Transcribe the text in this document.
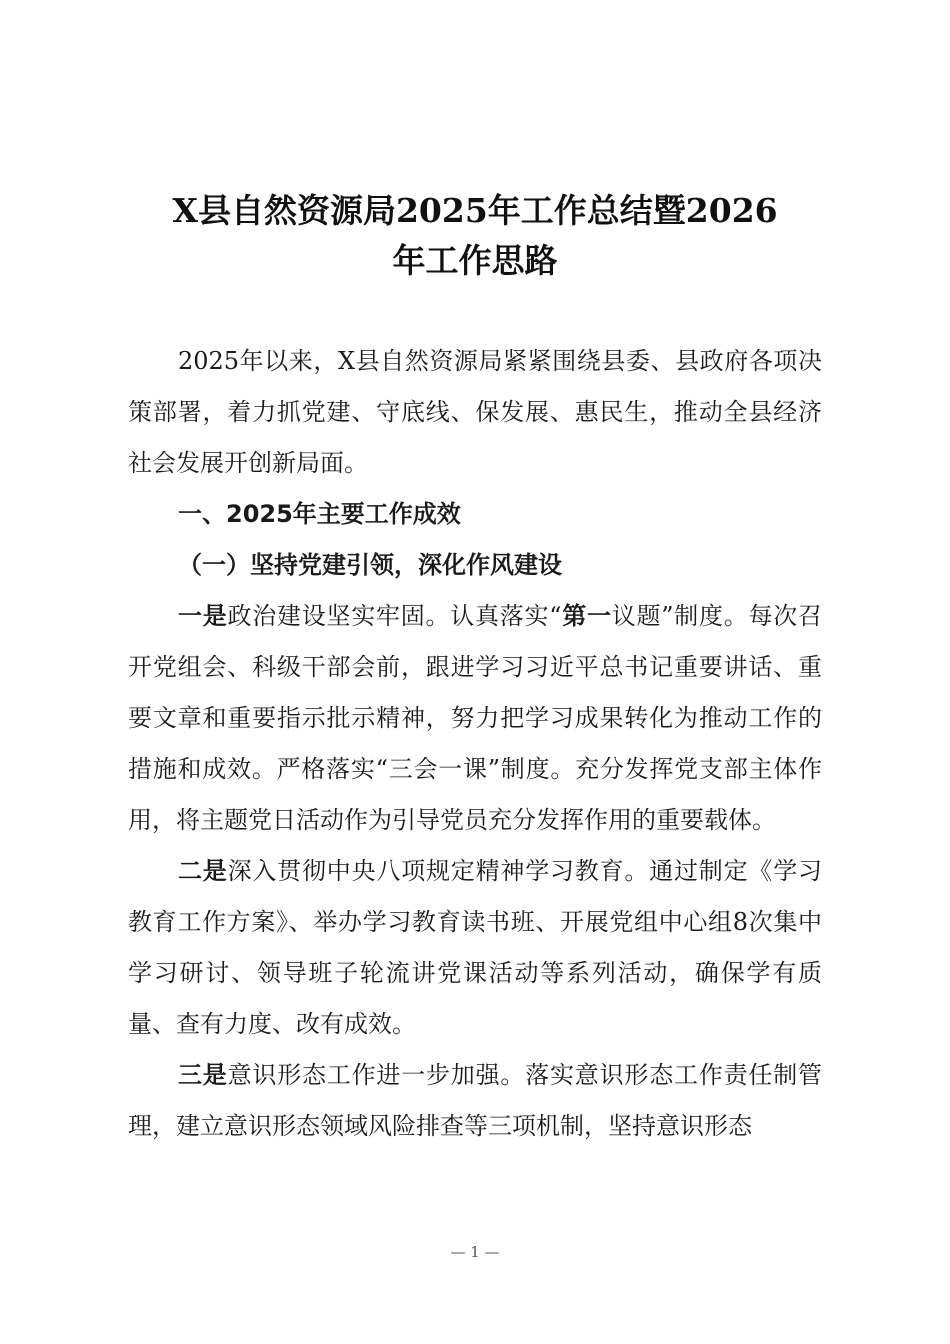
X县自然资源局2025年工作总结暨2026
年工作思路

2025年以来，X县自然资源局紧紧围绕县委、县政府各项决策部署，着力抓党建、守底线、保发展、惠民生，推动全县经济社会发展开创新局面。

一、2025年主要工作成效

（一）坚持党建引领，深化作风建设

一是政治建设坚实牢固。认真落实“第一议题”制度。每次召开党组会、科级干部会前，跟进学习习近平总书记重要讲话、重要文章和重要指示批示精神，努力把学习成果转化为推动工作的措施和成效。严格落实“三会一课”制度。充分发挥党支部主体作用，将主题党日活动作为引导党员充分发挥作用的重要载体。

二是深入贯彻中央八项规定精神学习教育。通过制定《学习教育工作方案》、举办学习教育读书班、开展党组中心组8次集中学习研讨、领导班子轮流讲党课活动等系列活动，确保学有质量、查有力度、改有成效。

三是意识形态工作进一步加强。落实意识形态工作责任制管理，建立意识形态领域风险排查等三项机制，坚持意识形态

— 1 —
